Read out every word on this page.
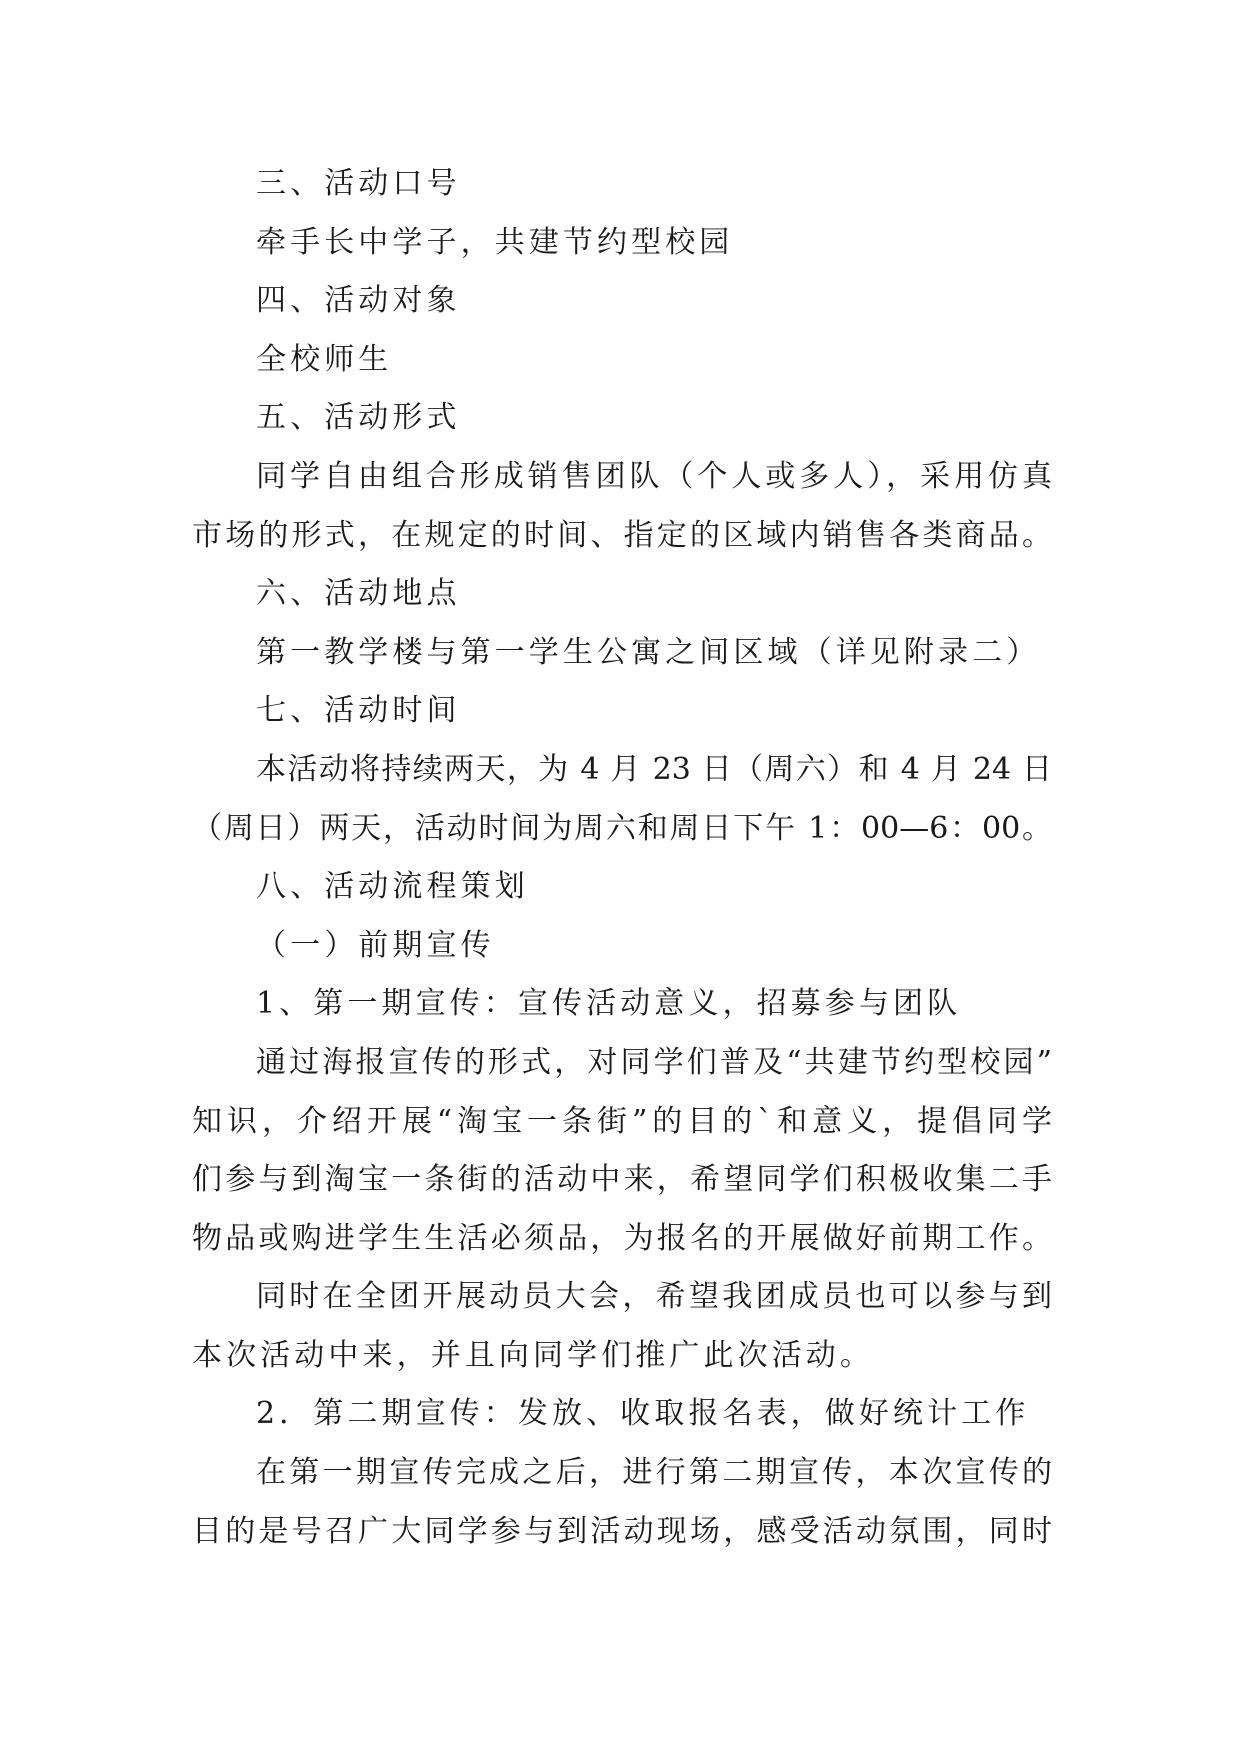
三、活动口号
牵手长中学子，共建节约型校园
四、活动对象
全校师生
五、活动形式
同学自由组合形成销售团队（个人或多人），采用仿真
市场的形式，在规定的时间、指定的区域内销售各类商品。
六、活动地点
第一教学楼与第一学生公寓之间区域（详见附录二）
七、活动时间
本活动将持续两天，为 4 月 23 日（周六）和 4 月 24 日
（周日）两天，活动时间为周六和周日下午 1：00—6：00。
八、活动流程策划
（一）前期宣传
1、第一期宣传：宣传活动意义，招募参与团队
通过海报宣传的形式，对同学们普及“共建节约型校园”
知识，介绍开展“淘宝一条街”的目的`和意义，提倡同学
们参与到淘宝一条街的活动中来，希望同学们积极收集二手
物品或购进学生生活必须品，为报名的开展做好前期工作。
同时在全团开展动员大会，希望我团成员也可以参与到
本次活动中来，并且向同学们推广此次活动。
2．第二期宣传：发放、收取报名表，做好统计工作
在第一期宣传完成之后，进行第二期宣传，本次宣传的
目的是号召广大同学参与到活动现场，感受活动氛围，同时
